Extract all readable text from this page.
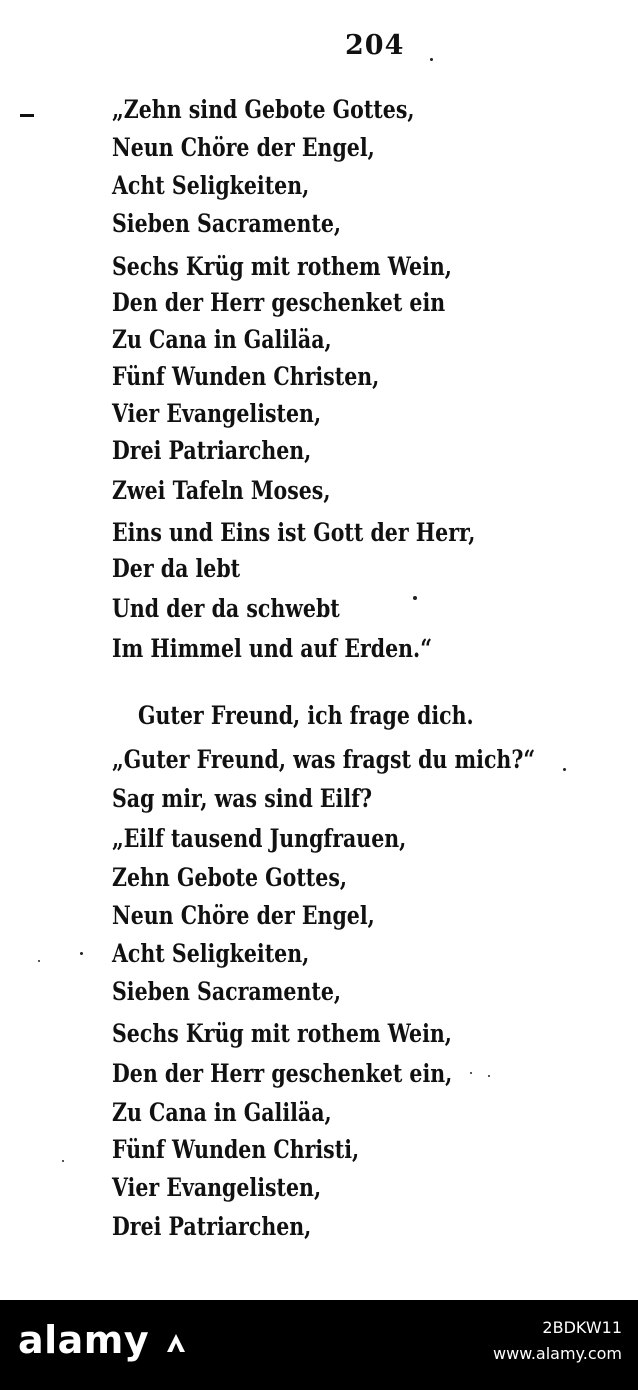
204
„Zehn sind Gebote Gottes,
Neun Chöre der Engel,
Acht Seligkeiten,
Sieben Sacramente,
Sechs Krüg mit rothem Wein,
Den der Herr geschenket ein
Zu Cana in Galiläa,
Fünf Wunden Christen,
Vier Evangelisten,
Drei Patriarchen,
Zwei Tafeln Moses,
Eins und Eins ist Gott der Herr,
Der da lebt
Und der da schwebt
Im Himmel und auf Erden.“
Guter Freund, ich frage dich.
„Guter Freund, was fragst du mich?“
Sag mir, was sind Eilf?
„Eilf tausend Jungfrauen,
Zehn Gebote Gottes,
Neun Chöre der Engel,
Acht Seligkeiten,
Sieben Sacramente,
Sechs Krüg mit rothem Wein,
Den der Herr geschenket ein,
Zu Cana in Galiläa,
Fünf Wunden Christi,
Vier Evangelisten,
Drei Patriarchen,
alamy	2BDKW11
www.alamy.com
